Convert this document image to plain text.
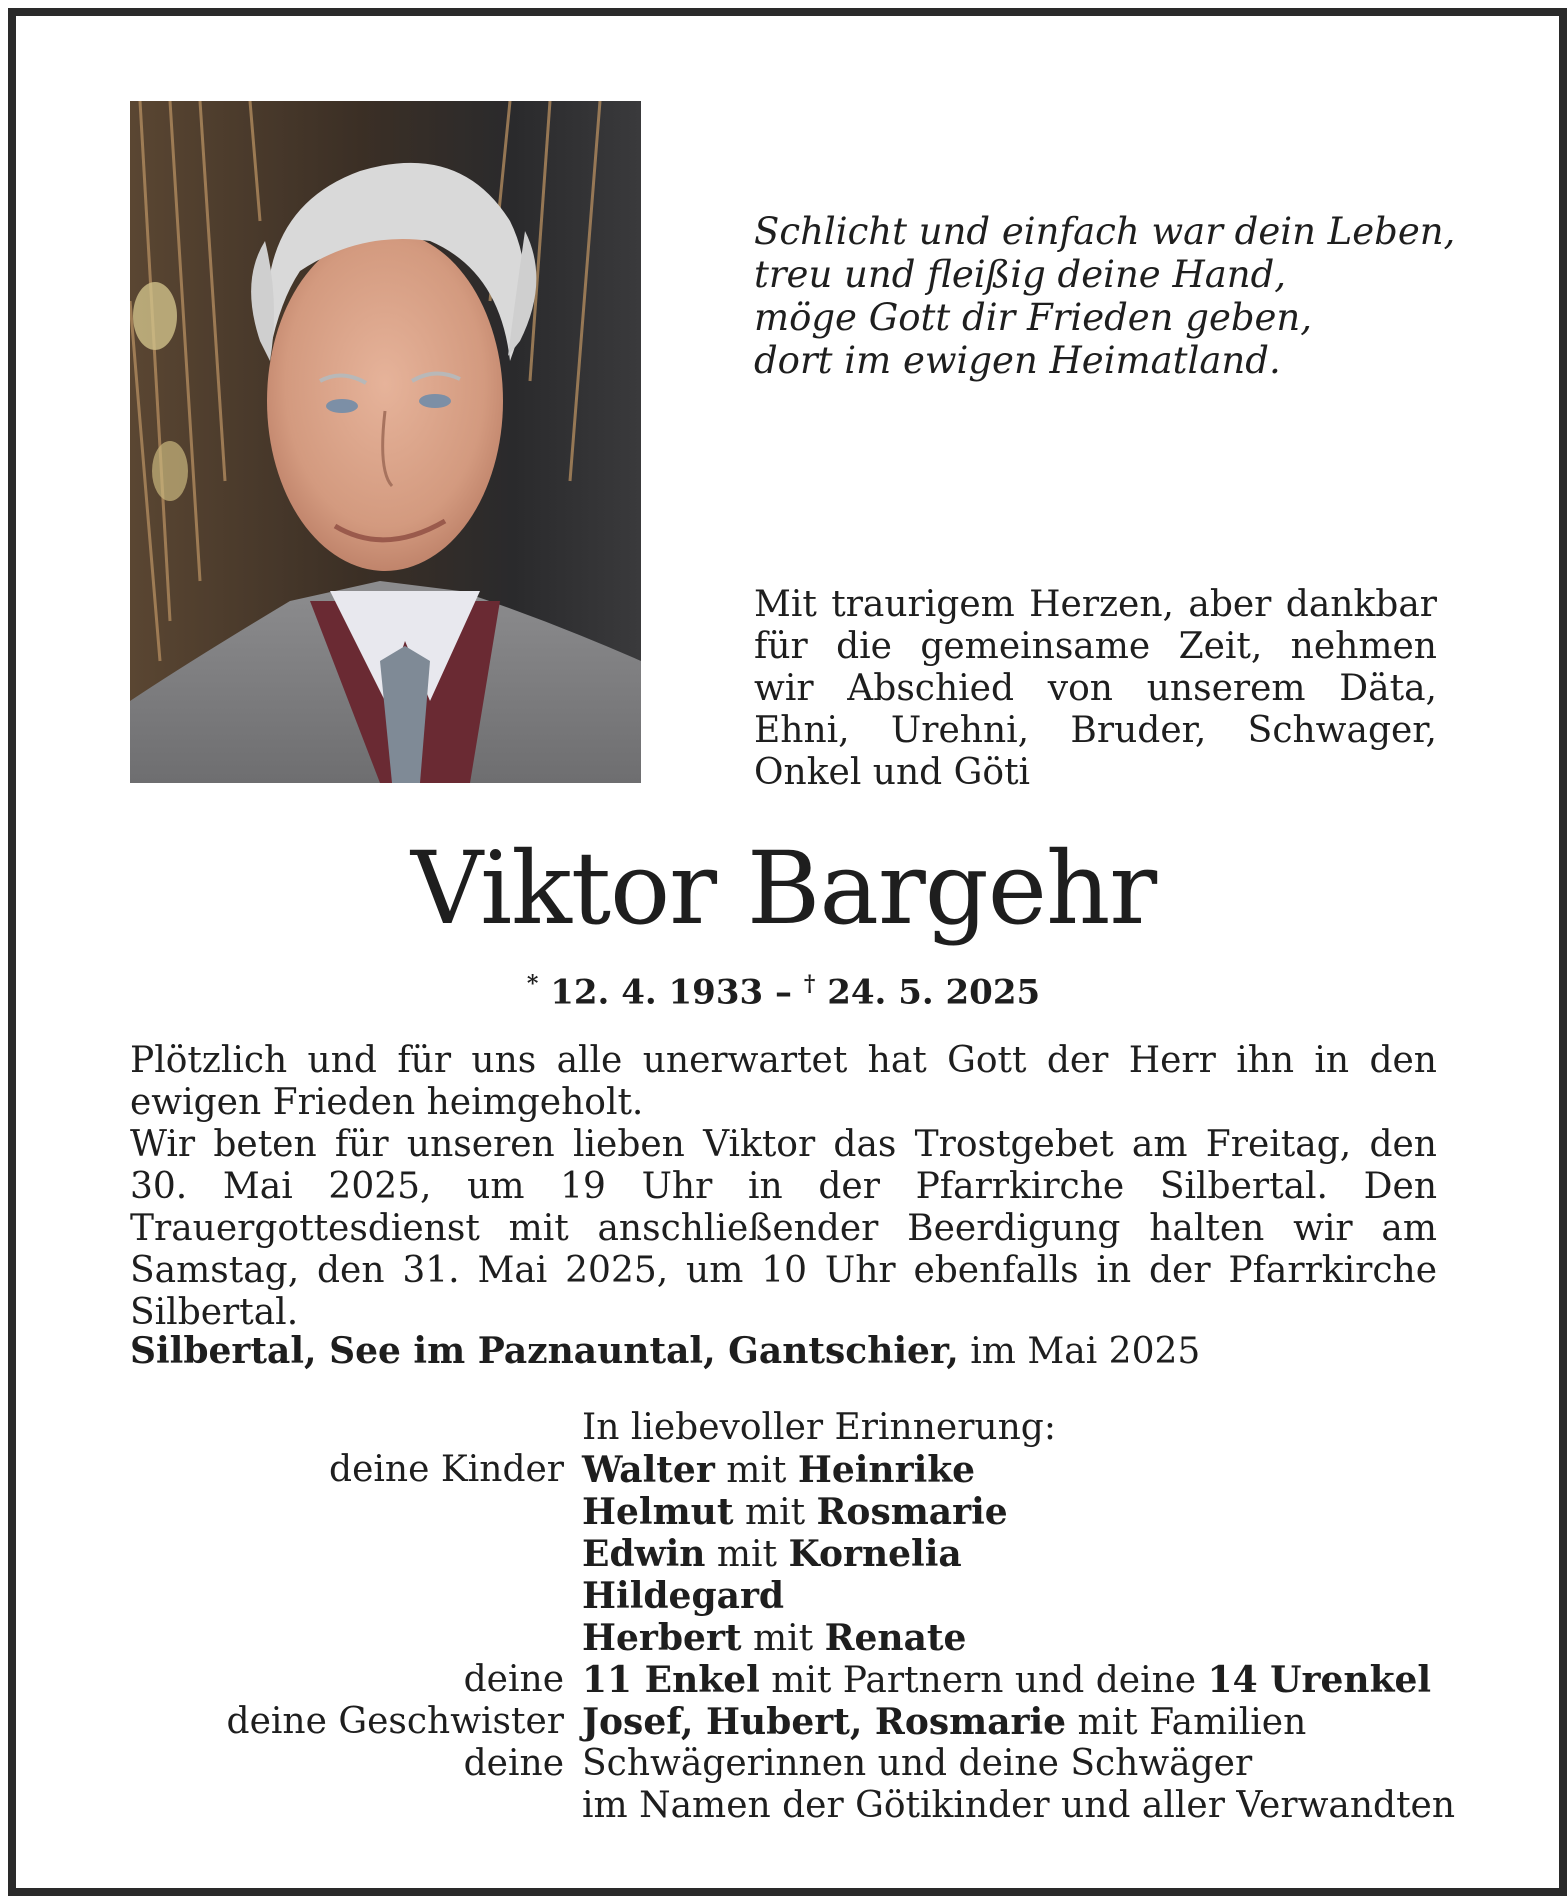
Schlicht und einfach war dein Leben,
treu und fleißig deine Hand,
möge Gott dir Frieden geben,
dort im ewigen Heimatland.

Mit traurigem Herzen, aber dankbar für die gemeinsame Zeit, nehmen wir Abschied von unserem Däta, Ehni, Urehni, Bruder, Schwager, Onkel und Göti

Viktor Bargehr
* 12. 4. 1933 – † 24. 5. 2025

Plötzlich und für uns alle unerwartet hat Gott der Herr ihn in den ewigen Frieden heimgeholt.

Wir beten für unseren lieben Viktor das Trostgebet am Freitag, den 30. Mai 2025, um 19 Uhr in der Pfarrkirche Silbertal. Den Trauergottesdienst mit anschließender Beerdigung halten wir am Samstag, den 31. Mai 2025, um 10 Uhr ebenfalls in der Pfarrkirche Silbertal.

Silbertal, See im Paznauntal, Gantschier, im Mai 2025
In liebevoller Erinnerung:
deine Kinder Walter mit Heinrike
Helmut mit Rosmarie
Edwin mit Kornelia
Hildegard
Herbert mit Renate
deine 11 Enkel mit Partnern und deine 14 Urenkel
deine Geschwister Josef, Hubert, Rosmarie mit Familien
deine Schwägerinnen und deine Schwäger
im Namen der Götikinder und aller Verwandten
